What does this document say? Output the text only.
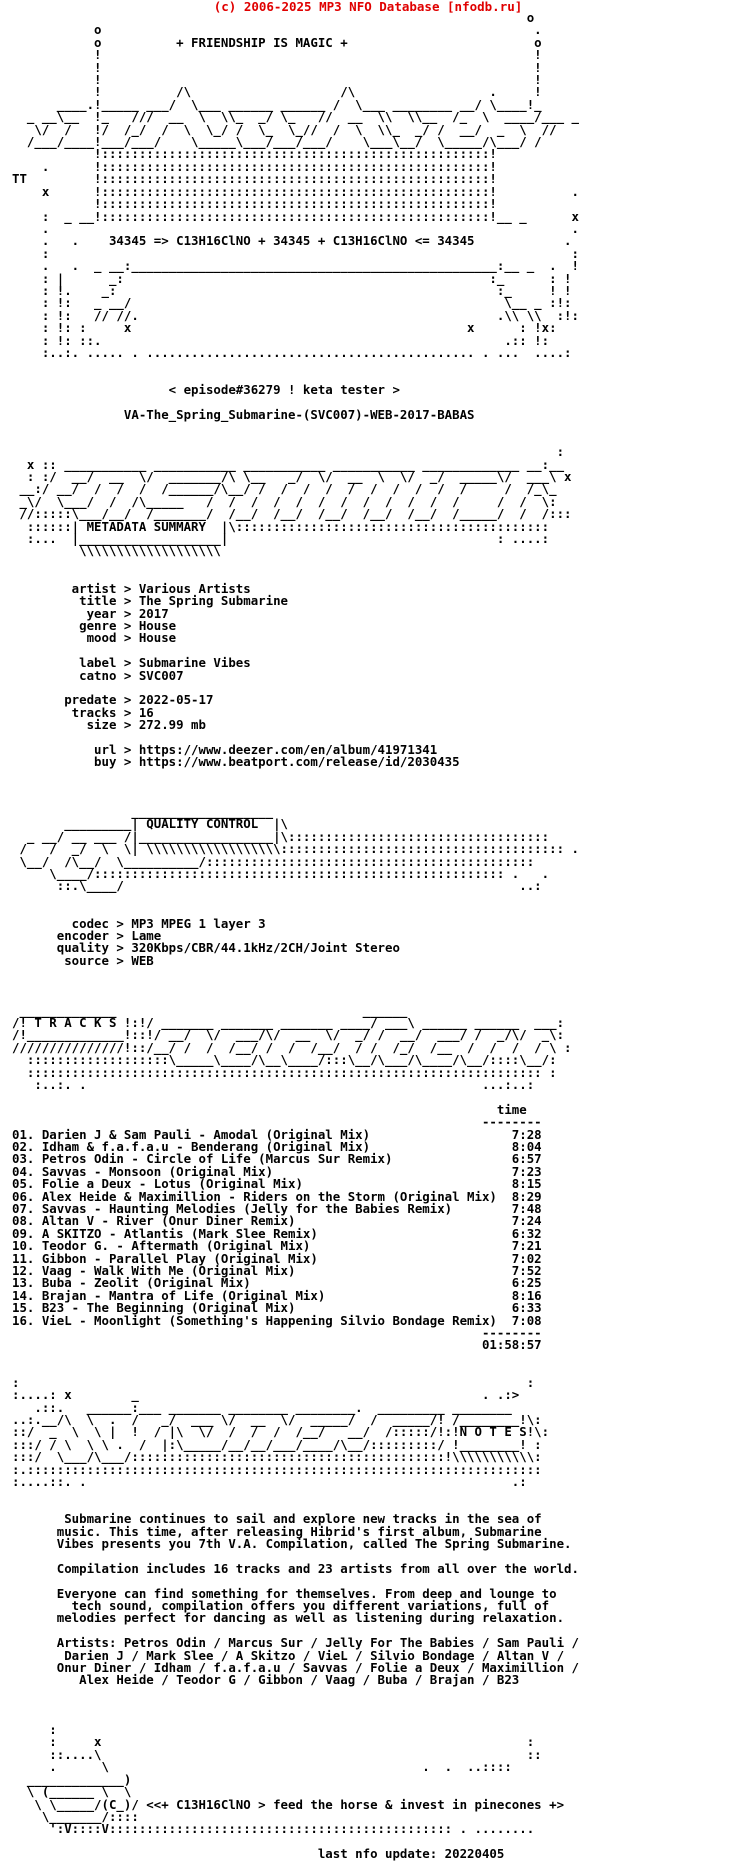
(c) 2006-2025 MP3 NFO Database [nfodb.ru]
o
o                                                          .
o          + FRIENDSHIP IS MAGIC +                         o
!                                                          !
!                                                          !
!                                                          !
!          /\                    /\                  .     !
____.!_____ ___/  \___ ______ ______ /  \___ ________ __/ \____!_
_ __\__  !_   ///  __  \  \\_  _/ \_   //  __  \\  \\__  /_  \  ____/___ _
\/  /   !/  /_/  /  \  \_/ /  \_  \_//  /  \  \\_  _/ /  __/  _  \  //
/___/____!___/___/    \_____\___/___/___/    \___\__/  \_____/\___/ /
!::::::::::::::::::::::::::::::::::::::::::::::::::::!
.      !::::::::::::::::::::::::::::::::::::::::::::::::::::!
TT         !::::::::::::::::::::::::::::::::::::::::::::::::::::!
x      !::::::::::::::::::::::::::::::::::::::::::::::::::::!          .
!::::::::::::::::::::::::::::::::::::::::::::::::::::!
:  _ __!::::::::::::::::::::::::::::::::::::::::::::::::::::!__ _      x
.                                                                      .
.   .    34345 => C13H16ClNO + 34345 + C13H16ClNO <= 34345            .
:                                                                      :
.   .  _ __:_________________________________________________:__ _  .  !
: |      _:                                                 :_      : !
: !.    _:                                                   :_     ! !
: !:   _ __/                                                  \__ _ :!:
: !:   // //.                                                .\\ \\  :!:
: !: :     x                                             x      : !x:
: !: ::.                                                      .:: !:
:..:. ..... . ............................................ . ...  ....:

< episode#36279 ! keta tester >

VA-The_Spring_Submarine-(SVC007)-WEB-2017-BABAS

:
x :: ___________ ___________ ___________ ___________ _____________ __:__
: :/  __/  __  \/  _______/\ \__   _/  \/  __  \  \/  _/  _____\/  ___\ x
__:/ __/  /  /  /  /______/\__/ /  /  /  /  /  /  /  /  /  /     /  /_\_
_\/  \___/  /  /\_____   /  /  /  /  /  /  /  /  /  /  /  /     /  /  \:
//:::::\___/__/  /_______/  /__/  /__/  /__/  /__/  /__/  /_____/  /  /:::
::::::| METADATA SUMMARY  |\::::::::::::::::::::::::::::::::::::::::::
:...  |___________________|                                    : ....:
\\\\\\\\\\\\\\\\\\\

artist > Various Artists
title > The Spring Submarine
year > 2017
genre > House
mood > House

label > Submarine Vibes
catno > SVC007

predate > 2022-05-17
tracks > 16
size > 272.99 mb

url > https://www.deezer.com/en/album/41971341
buy > https://www.beatport.com/release/id/2030435

___________________
_________| QUALITY CONTROL  |\
_ __/ __ ___ /|__________________|\:::::::::::::::::::::::::::::::::::
/   /  _/  \  \| \\\\\\\\\\\\\\\\\\:::::::::::::::::::::::::::::::::::::: .
\__/  /\__/  \__________/::::::::::::::::::::::::::::::::::::::::::::
\____/::::::::::::::::::::::::::::::::::::::::::::::::::::::: .   .
::.\____/                                                     ..:

codec > MP3 MPEG 1 layer 3
encoder > Lame
quality > 320Kbps/CBR/44.1kHz/2CH/Joint Stereo
source > WEB

_____________                                 ______
/! T R A C K S !:!/ _______ _______ _______ ____/ ___\ ______ ______  ___:
/!_____________!::!/ __/  \/  ___/\/  __  \/  _/ /  __/  ___/ /  _/\/  _\:
///////////////!::/__/ /  /  /__/ /  /  /__/  / /  /_/  /__  /  /  /  / \ :
:::::::::::::::::::\_____\____/\__\____/:::\__/\___/\____/\__/::::\__/:
::::::::::::::::::::::::::::::::::::::::::::::::::::::::::::::::::::: :
:..:. .                                                     ...:..:

time
--------
01. Darien J & Sam Pauli - Amodal (Original Mix)                   7:28
02. Idham & f.a.f.a.u - Benderang (Original Mix)                   8:04
03. Petros Odin - Circle of Life (Marcus Sur Remix)                6:57
04. Savvas - Monsoon (Original Mix)                                7:23
05. Folie a Deux - Lotus (Original Mix)                            8:15
06. Alex Heide & Maximillion - Riders on the Storm (Original Mix)  8:29
07. Savvas - Haunting Melodies (Jelly for the Babies Remix)        7:48
08. Altan V - River (Onur Diner Remix)                             7:24
09. A SKITZO - Atlantis (Mark Slee Remix)                          6:32
10. Teodor G. - Aftermath (Original Mix)                           7:21
11. Gibbon - Parallel Play (Original Mix)                          7:02
12. Vaag - Walk With Me (Original Mix)                             7:52
13. Buba - Zeolit (Original Mix)                                   6:25
14. Brajan - Mantra of Life (Original Mix)                         8:16
15. B23 - The Beginning (Original Mix)                             6:33
16. VieL - Moonlight (Something's Happening Silvio Bondage Remix)  7:08
--------
01:58:57

:                                                                    :
:....: x        _                                              . .:>
.::.   ______:___ _______ ________ ________.  _________ ________
..:.__/\  \  .  /   _/  ___ \/  __  \/  _____/  /  _____/! /________!\:
::/  _  \  \ |  !  / |\  \/  /  /  /  /__/   __/  /:::::/!:!N O T E S!\:
:::/ / \  \ \ .  /  |:\_____/__/__/___/____/\__/:::::::::/ !________! :
:::/  \___/\___/::::::::::::::::::::::::::::::::::::::::::!\\\\\\\\\\\:
:.:::::::::::::::::::::::::::::::::::::::::::::::::::::::::::::::::::::
:....::. .                                                         .:

Submarine continues to sail and explore new tracks in the sea of
music. This time, after releasing Hibrid's first album, Submarine
Vibes presents you 7th V.A. Compilation, called The Spring Submarine.

Compilation includes 16 tracks and 23 artists from all over the world.

Everyone can find something for themselves. From deep and lounge to
tech sound, compilation offers you different variations, full of
melodies perfect for dancing as well as listening during relaxation.

Artists: Petros Odin / Marcus Sur / Jelly For The Babies / Sam Pauli /
Darien J / Mark Slee / A Skitzo / VieL / Silvio Bondage / Altan V /
Onur Diner / Idham / f.a.f.a.u / Savvas / Folie a Deux / Maximillion /
Alex Heide / Teodor G / Gibbon / Vaag / Buba / Brajan / B23

:
:     x                                                         :
::....\                                                         ::
.      \                                          .  .  ..::::
_____________)
\ (______ \  \
\ \_____/(C_)/ <<+ C13H16ClNO > feed the horse & invest in pinecones +>
\_______/::::
':V::::V:::::::::::::::::::::::::::::::::::::::::::::: . ........

last nfo update: 20220405
